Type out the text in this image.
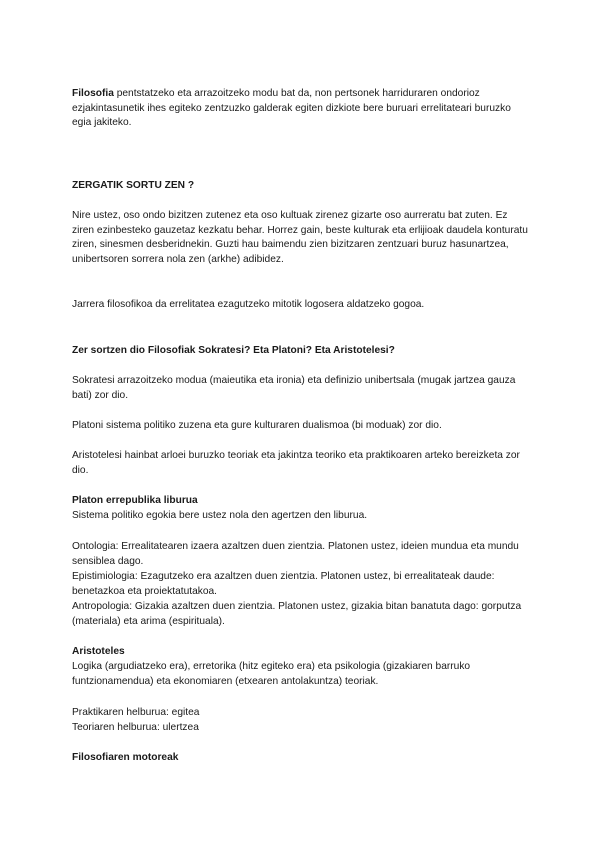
Filosofia pentstatzeko eta arrazoitzeko modu bat da, non pertsonek harriduraren ondorioz ezjakintasunetik ihes egiteko zentzuzko galderak egiten dizkiote bere buruari errelitateari buruzko egia jakiteko.

ZERGATIK SORTU ZEN ?

Nire ustez, oso ondo bizitzen zutenez eta oso kultuak zirenez gizarte oso aurreratu bat zuten. Ez ziren ezinbesteko gauzetaz kezkatu behar. Horrez gain, beste kulturak eta erlijioak daudela konturatu ziren, sinesmen desberidnekin. Guzti hau baimendu zien bizitzaren zentzuari buruz hasunartzea, unibertsoren sorrera nola zen (arkhe) adibidez.

Jarrera filosofikoa da errelitatea ezagutzeko mitotik logosera aldatzeko gogoa.

Zer sortzen dio Filosofiak Sokratesi? Eta Platoni? Eta Aristotelesi?

Sokratesi arrazoitzeko modua (maieutika eta ironia) eta definizio unibertsala (mugak jartzea gauza bati) zor dio.

Platoni sistema politiko zuzena eta gure kulturaren dualismoa (bi moduak) zor dio.

Aristotelesi hainbat arloei buruzko teoriak eta jakintza teoriko eta praktikoaren arteko bereizketa zor dio.

Platon errepublika liburua

Sistema politiko egokia bere ustez nola den agertzen den liburua.

Ontologia: Errealitatearen izaera azaltzen duen zientzia. Platonen ustez, ideien mundua eta mundu sensiblea dago.

Epistimiologia: Ezagutzeko era azaltzen duen zientzia. Platonen ustez, bi errealitateak daude: benetazkoa eta proiektatutakoa.

Antropologia: Gizakia azaltzen duen zientzia. Platonen ustez, gizakia bitan banatuta dago: gorputza (materiala) eta arima (espirituala).

Aristoteles

Logika (argudiatzeko era), erretorika (hitz egiteko era) eta psikologia (gizakiaren barruko funtzionamendua) eta ekonomiaren (etxearen antolakuntza) teoriak.

Praktikaren helburua: egitea

Teoriaren helburua: ulertzea

Filosofiaren motoreak
